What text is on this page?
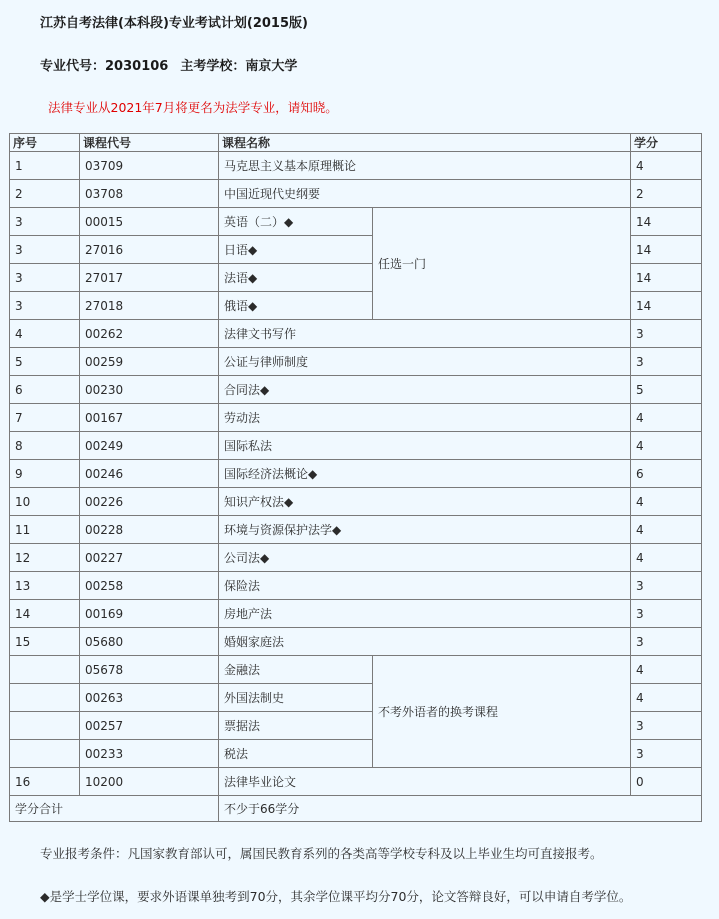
江苏自考法律(本科段)专业考试计划(2015版)
专业代号：2030106 主考学校：南京大学
法律专业从2021年7月将更名为法学专业，请知晓。
序号	课程代号	课程名称		学分
1	03709	马克思主义基本原理概论		4
2	03708	中国近现代史纲要		2
3	00015	英语（二）◆	任选一门	14
3	27016	日语◆		14
3	27017	法语◆		14
3	27018	俄语◆		14
4	00262	法律文书写作		3
5	00259	公证与律师制度		3
6	00230	合同法◆		5
7	00167	劳动法		4
8	00249	国际私法		4
9	00246	国际经济法概论◆		6
10	00226	知识产权法◆		4
11	00228	环境与资源保护法学◆		4
12	00227	公司法◆		4
13	00258	保险法		3
14	00169	房地产法		3
15	05680	婚姻家庭法		3
	05678	金融法	不考外语者的换考课程	4
	00263	外国法制史		4
	00257	票据法		3
	00233	税法		3
16	10200	法律毕业论文		0
学分合计		不少于66学分		
专业报考条件：凡国家教育部认可，属国民教育系列的各类高等学校专科及以上毕业生均可直接报考。
◆是学士学位课，要求外语课单独考到70分，其余学位课平均分70分，论文答辩良好，可以申请自考学位。
